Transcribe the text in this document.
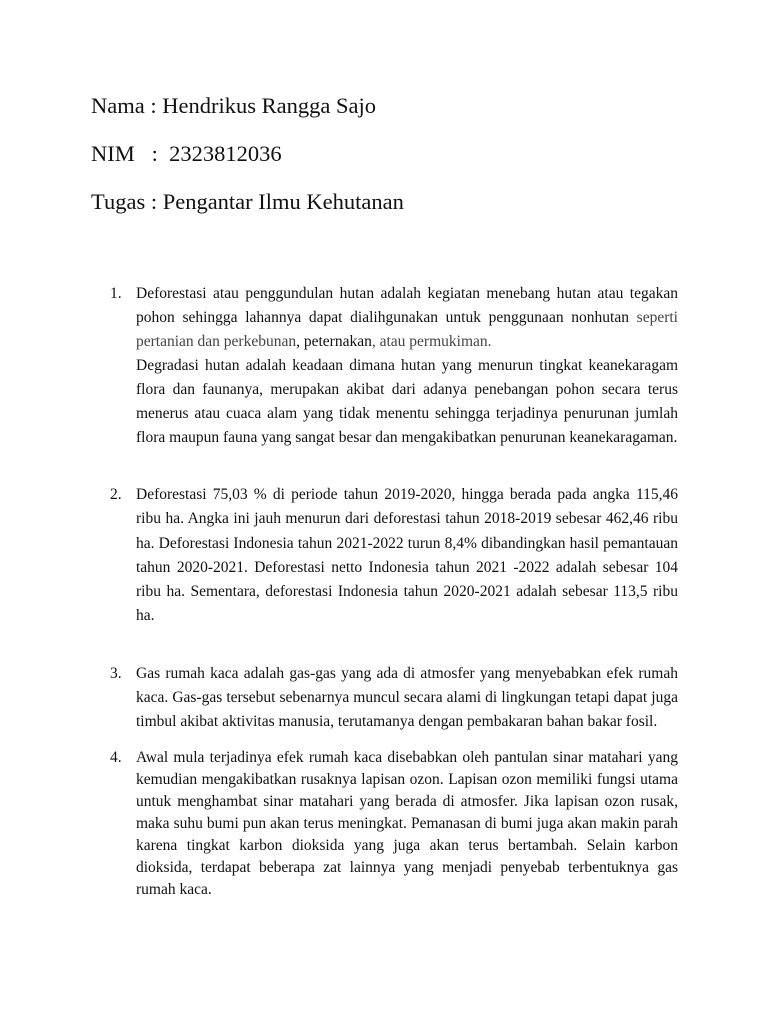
Nama : Hendrikus Rangga Sajo

NIM   :  2323812036

Tugas : Pengantar Ilmu Kehutanan

1. Deforestasi atau penggundulan hutan adalah kegiatan menebang hutan atau tegakan pohon sehingga lahannya dapat dialihgunakan untuk penggunaan nonhutan seperti pertanian dan perkebunan, peternakan, atau permukiman.

Degradasi hutan adalah keadaan dimana hutan yang menurun tingkat keanekaragam flora dan faunanya, merupakan akibat dari adanya penebangan pohon secara terus menerus atau cuaca alam yang tidak menentu sehingga terjadinya penurunan jumlah flora maupun fauna yang sangat besar dan mengakibatkan penurunan keanekaragaman.

2. Deforestasi 75,03 % di periode tahun 2019-2020, hingga berada pada angka 115,46 ribu ha. Angka ini jauh menurun dari deforestasi tahun 2018-2019 sebesar 462,46 ribu ha. Deforestasi Indonesia tahun 2021-2022 turun 8,4% dibandingkan hasil pemantauan tahun 2020-2021. Deforestasi netto Indonesia tahun 2021 -2022 adalah sebesar 104 ribu ha. Sementara, deforestasi Indonesia tahun 2020-2021 adalah sebesar 113,5 ribu ha.

3. Gas rumah kaca adalah gas-gas yang ada di atmosfer yang menyebabkan efek rumah kaca. Gas-gas tersebut sebenarnya muncul secara alami di lingkungan tetapi dapat juga timbul akibat aktivitas manusia, terutamanya dengan pembakaran bahan bakar fosil.

4. Awal mula terjadinya efek rumah kaca disebabkan oleh pantulan sinar matahari yang kemudian mengakibatkan rusaknya lapisan ozon. Lapisan ozon memiliki fungsi utama untuk menghambat sinar matahari yang berada di atmosfer. Jika lapisan ozon rusak, maka suhu bumi pun akan terus meningkat. Pemanasan di bumi juga akan makin parah karena tingkat karbon dioksida yang juga akan terus bertambah. Selain karbon dioksida, terdapat beberapa zat lainnya yang menjadi penyebab terbentuknya gas rumah kaca.
